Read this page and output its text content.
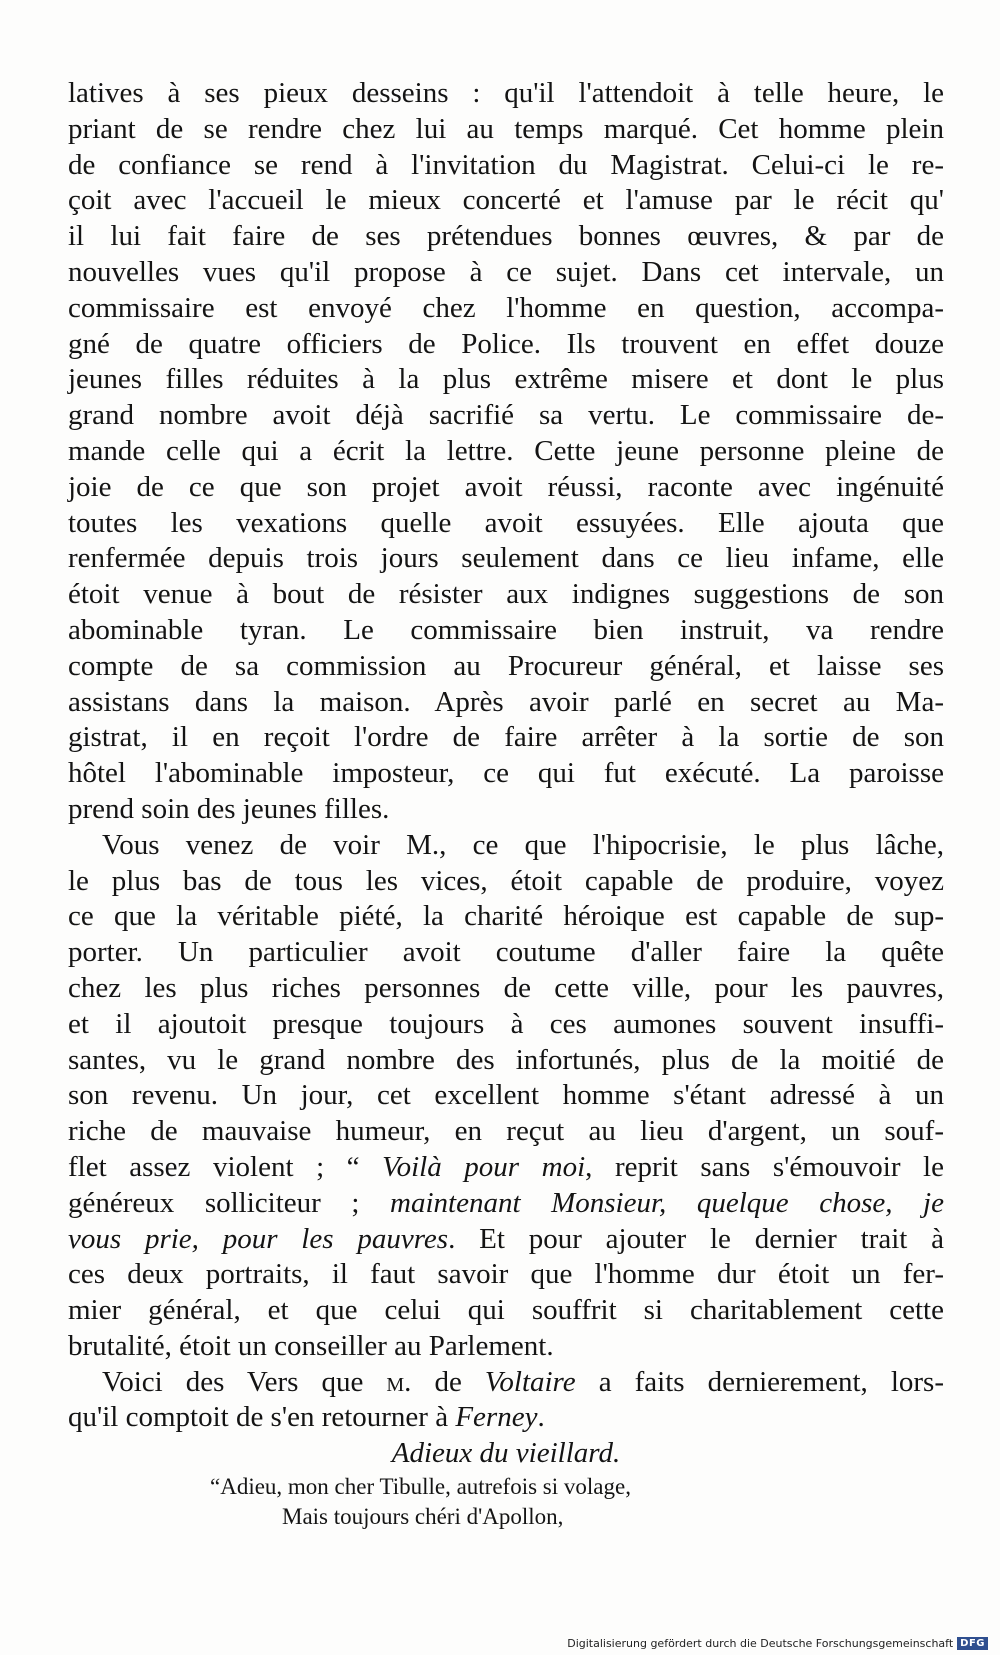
latives à ses pieux desseins : qu'il l'attendoit à telle heure, le
priant de se rendre chez lui au temps marqué. Cet homme plein
de confiance se rend à l'invitation du Magistrat. Celui-ci le re-
çoit avec l'accueil le mieux concerté et l'amuse par le récit qu'
il lui fait faire de ses prétendues bonnes œuvres, & par de
nouvelles vues qu'il propose à ce sujet. Dans cet intervale, un
commissaire est envoyé chez l'homme en question, accompa-
gné de quatre officiers de Police. Ils trouvent en effet douze
jeunes filles réduites à la plus extrême misere et dont le plus
grand nombre avoit déjà sacrifié sa vertu. Le commissaire de-
mande celle qui a écrit la lettre. Cette jeune personne pleine de
joie de ce que son projet avoit réussi, raconte avec ingénuité
toutes les vexations quelle avoit essuyées. Elle ajouta que
renfermée depuis trois jours seulement dans ce lieu infame, elle
étoit venue à bout de résister aux indignes suggestions de son
abominable tyran. Le commissaire bien instruit, va rendre
compte de sa commission au Procureur général, et laisse ses
assistans dans la maison. Après avoir parlé en secret au Ma-
gistrat, il en reçoit l'ordre de faire arrêter à la sortie de son
hôtel l'abominable imposteur, ce qui fut exécuté. La paroisse
prend soin des jeunes filles.
Vous venez de voir M., ce que l'hipocrisie, le plus lâche,
le plus bas de tous les vices, étoit capable de produire, voyez
ce que la véritable piété, la charité héroique est capable de sup-
porter. Un particulier avoit coutume d'aller faire la quête
chez les plus riches personnes de cette ville, pour les pauvres,
et il ajoutoit presque toujours à ces aumones souvent insuffi-
santes, vu le grand nombre des infortunés, plus de la moitié de
son revenu. Un jour, cet excellent homme s'étant adressé à un
riche de mauvaise humeur, en reçut au lieu d'argent, un souf-
flet assez violent ; “ Voilà pour moi, reprit sans s'émouvoir le
généreux solliciteur ; maintenant Monsieur, quelque chose, je
vous prie, pour les pauvres. Et pour ajouter le dernier trait à
ces deux portraits, il faut savoir que l'homme dur étoit un fer-
mier général, et que celui qui souffrit si charitablement cette
brutalité, étoit un conseiller au Parlement.
Voici des Vers que m. de Voltaire a faits dernierement, lors-
qu'il comptoit de s'en retourner à Ferney.
Adieux du vieillard.
“Adieu, mon cher Tibulle, autrefois si volage,
Mais toujours chéri d'Apollon,
Digitalisierung gefördert durch die Deutsche Forschungsgemeinschaft DFG
